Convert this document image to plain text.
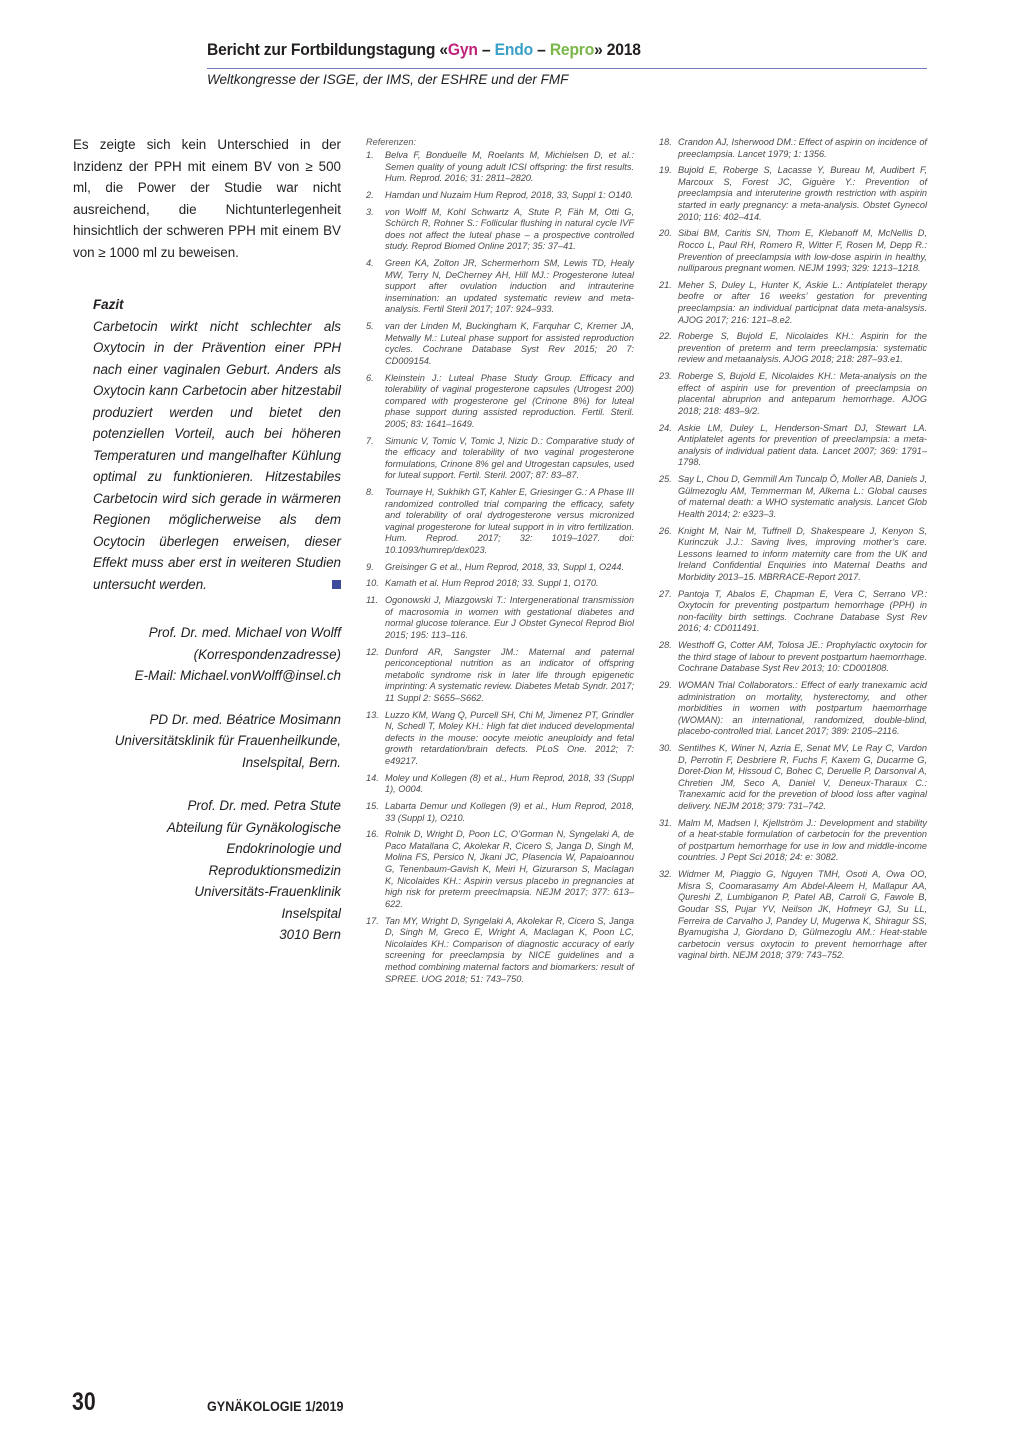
Bericht zur Fortbildungstagung «Gyn – Endo – Repro» 2018
Weltkongresse der ISGE, der IMS, der ESHRE und der FMF

Es zeigte sich kein Unterschied in der Inzidenz der PPH mit einem BV von ≥ 500 ml, die Power der Studie war nicht ausreichend, die Nichtunterlegenheit hinsichtlich der schweren PPH mit einem BV von ≥ 1000 ml zu beweisen.

Fazit

Carbetocin wirkt nicht schlechter als Oxytocin in der Prävention einer PPH nach einer vaginalen Geburt. Anders als Oxytocin kann Carbetocin aber hitzestabil produziert werden und bietet den potenziellen Vorteil, auch bei höheren Temperaturen und mangelhafter Kühlung optimal zu funktionieren. Hitzestabiles Carbetocin wird sich gerade in wärmeren Regionen möglicherweise als dem Ocytocin überlegen erweisen, dieser Effekt muss aber erst in weiteren Studien untersucht werden.

Prof. Dr. med. Michael von Wolff

(Korrespondenzadresse)

E-Mail: Michael.vonWolff@insel.ch

PD Dr. med. Béatrice Mosimann

Universitätsklinik für Frauenheilkunde,

Inselspital, Bern.

Prof. Dr. med. Petra Stute

Abteilung für Gynäkologische

Endokrinologie und

Reproduktionsmedizin

Universitäts-Frauenklinik

Inselspital

3010 Bern

Referenzen:
1.	Belva F, Bonduelle M, Roelants M, Michielsen D, et al.: Semen quality of young adult ICSI offspring: the first results. Hum. Reprod. 2016; 31: 2811–2820.
2.	Hamdan und Nuzaim Hum Reprod, 2018, 33, Suppl 1: O140.
3.	von Wolff M, Kohl Schwartz A, Stute P, Fäh M, Otti G, Schürch R, Rohner S.: Follicular flushing in natural cycle IVF does not affect the luteal phase – a prospective controlled study. Reprod Biomed Online 2017; 35: 37–41.
4.	Green KA, Zolton JR, Schermerhorn SM, Lewis TD, Healy MW, Terry N, DeCherney AH, Hill MJ.: Progesterone luteal support after ovulation induction and intrauterine insemination: an updated systematic review and meta-analysis. Fertil Steril 2017; 107: 924–933.
5.	van der Linden M, Buckingham K, Farquhar C, Kremer JA, Metwally M.: Luteal phase support for assisted reproduction cycles. Cochrane Database Syst Rev 2015; 20 7: CD009154.
6.	Kleinstein J.: Luteal Phase Study Group. Efficacy and tolerability of vaginal progesterone capsules (Utrogest 200) compared with progesterone gel (Crinone 8%) for luteal phase support during assisted reproduction. Fertil. Steril. 2005; 83: 1641–1649.
7.	Simunic V, Tomic V, Tomic J, Nizic D.: Comparative study of the efficacy and tolerability of two vaginal progesterone formulations, Crinone 8% gel and Utrogestan capsules, used for luteal support. Fertil. Steril. 2007; 87: 83–87.
8.	Tournaye H, Sukhikh GT, Kahler E, Griesinger G.: A Phase III randomized controlled trial comparing the efficacy, safety and tolerability of oral dydrogesterone versus micronized vaginal progesterone for luteal support in in vitro fertilization. Hum. Reprod. 2017; 32: 1019–1027. doi: 10.1093/humrep/dex023.
9.	Greisinger G et al., Hum Reprod, 2018, 33, Suppl 1, O244.
10. Kamath et al. Hum Reprod 2018; 33. Suppl 1, O170.
11. Ogonowski J, Miazgowski T.: Intergenerational transmission of macrosomia in women with gestational diabetes and normal glucose tolerance. Eur J Obstet Gynecol Reprod Biol 2015; 195: 113–116.
12. Dunford AR, Sangster JM.: Maternal and paternal periconceptional nutrition as an indicator of offspring metabolic syndrome risk in later life through epigenetic imprinting: A systematic review. Diabetes Metab Syndr. 2017; 11 Suppl 2: S655–S662.
13. Luzzo KM, Wang Q, Purcell SH, Chi M, Jimenez PT, Grindler N, Schedl T, Moley KH.: High fat diet induced developmental defects in the mouse: oocyte meiotic aneuploidy and fetal growth retardation/brain defects. PLoS One. 2012; 7: e49217.
14. Moley und Kollegen (8) et al., Hum Reprod, 2018, 33 (Suppl 1), O004.
15. Labarta Demur und Kollegen (9) et al., Hum Reprod, 2018, 33 (Suppl 1), O210.
16. Rolnik D, Wright D, Poon LC, O’Gorman N, Syngelaki A, de Paco Matallana C, Akolekar R, Cicero S, Janga D, Singh M, Molina FS, Persico N, Jkani JC, Plasencia W, Papaioannou G, Tenenbaum-Gavish K, Meiri H, Gizurarson S, Maclagan K, Nicolaides KH.: Aspirin versus placebo in pregnancies at high risk for preterm preeclmapsia. NEJM 2017; 377: 613–622.
17. Tan MY, Wright D, Syngelaki A, Akolekar R, Cicero S, Janga D, Singh M, Greco E, Wright A, Maclagan K, Poon LC, Nicolaides KH.: Comparison of diagnostic accuracy of early screening for preeclampsia by NICE guidelines and a method combining maternal factors and biomarkers: result of SPREE. UOG 2018; 51: 743–750.
18. Crandon AJ, Isherwood DM.: Effect of aspirin on incidence of preeclampsia. Lancet 1979; 1: 1356.
19. Bujold E, Roberge S, Lacasse Y, Bureau M, Audibert F, Marcoux S, Forest JC, Giguère Y.: Prevention of preeclampsia and interuterine growth restriction with aspirin started in early pregnancy: a meta-analysis. Obstet Gynecol 2010; 116: 402–414.
20. Sibai BM, Caritis SN, Thom E, Klebanoff M, McNellis D, Rocco L, Paul RH, Romero R, Witter F, Rosen M, Depp R.: Prevention of preeclampsia with low-dose aspirin in healthy, nulliparous pregnant women. NEJM 1993; 329: 1213–1218.
21. Meher S, Duley L, Hunter K, Askie L.: Antiplatelet therapy beofre or after 16 weeks’ gestation for preventing preeclampsia: an individual participnat data meta-analsysis. AJOG 2017; 216: 121–8.e2.
22. Roberge S, Bujold E, Nicolaides KH.: Aspirin for the prevention of preterm and term preeclampsia: systematic review and metaanalysis. AJOG 2018; 218: 287–93.e1.
23. Roberge S, Bujold E, Nicolaides KH.: Meta-analysis on the effect of aspirin use for prevention of preeclampsia on placental abruprion and anteparum hemorrhage. AJOG 2018; 218: 483–9/2.
24. Askie LM, Duley L, Henderson-Smart DJ, Stewart LA. Antiplatelet agents for prevention of preeclampsia: a meta-analysis of individual patient data. Lancet 2007; 369: 1791–1798.
25. Say L, Chou D, Gemmill Am Tuncalp Ö, Moller AB, Daniels J, Gülmezoglu AM, Temmerman M, Alkema L.: Global causes of maternal death: a WHO systematic analysis. Lancet Glob Health 2014; 2: e323–3.
26. Knight M, Nair M, Tuffnell D, Shakespeare J, Kenyon S, Kurinczuk J.J.: Saving lives, improving mother’s care. Lessons learned to inform maternity care from the UK and Ireland Confidential Enquiries into Maternal Deaths and Morbidity 2013–15. MBRRACE-Report 2017.
27. Pantoja T, Abalos E, Chapman E, Vera C, Serrano VP.: Oxytocin for preventing postpartum hemorrhage (PPH) in non-facility birth settings. Cochrane Database Syst Rev 2016; 4: CD011491.
28. Westhoff G, Cotter AM, Tolosa JE.: Prophylactic oxytocin for the third stage of labour to prevent postpartum haemorrhage. Cochrane Database Syst Rev 2013; 10: CD001808.
29. WOMAN Trial Collaborators.: Effect of early tranexamic acid administration on mortality, hysterectomy, and other morbidities in women with postpartum haemorrhage (WOMAN): an international, randomized, double-blind, placebo-controlled trial. Lancet 2017; 389: 2105–2116.
30. Sentilhes K, Winer N, Azria E, Senat MV, Le Ray C, Vardon D, Perrotin F, Desbriere R, Fuchs F, Kaxem G, Ducarme G, Doret-Dion M, Hissoud C, Bohec C, Deruelle P, Darsonval A, Chretien JM, Seco A, Daniel V, Deneux-Tharaux C.: Tranexamic acid for the prevetion of blood loss after vaginal delivery. NEJM 2018; 379: 731–742.
31. Malm M, Madsen I, Kjellström J.: Development and stability of a heat-stable formulation of carbetocin for the prevention of postpartum hemorrhage for use in low and middle-income countries. J Pept Sci 2018; 24: e: 3082.
32. Widmer M, Piaggio G, Nguyen TMH, Osoti A, Owa OO, Misra S, Coomarasamy Am Abdel-Aleem H, Mallapur AA, Qureshi Z, Lumbiganon P, Patel AB, Carroli G, Fawole B, Goudar SS, Pujar YV, Neilson JK, Hofmeyr GJ, Su LL, Ferreira de Carvalho J, Pandey U, Mugerwa K, Shiragur SS, Byamugisha J, Giordano D, Gülmezoglu AM.: Heat-stable carbetocin versus oxytocin to prevent hemorrhage after vaginal birth. NEJM 2018; 379: 743–752.
30	GYNÄKOLOGIE 1/2019
